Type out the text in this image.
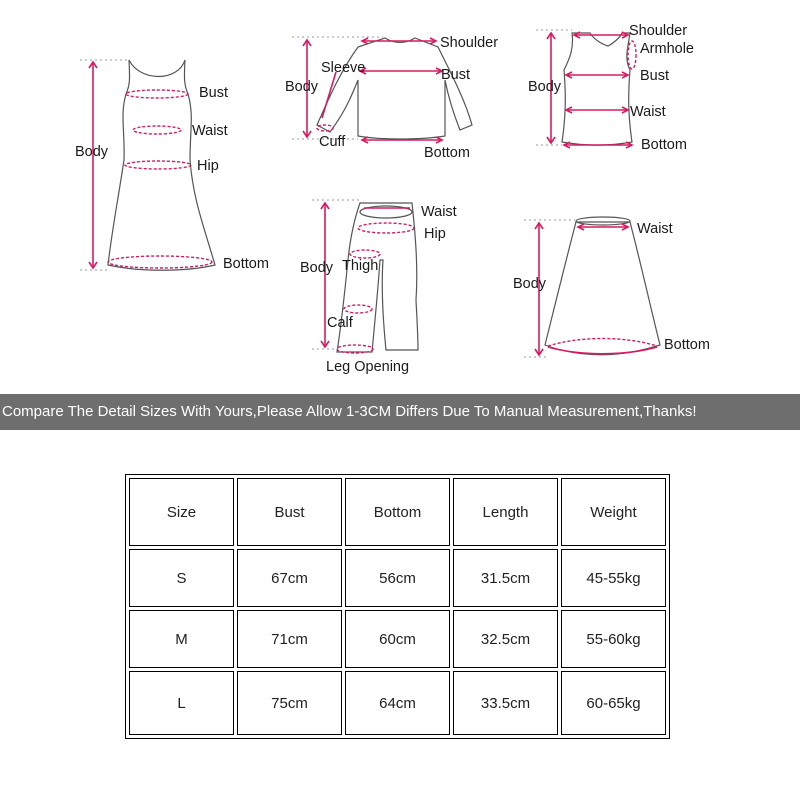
Body
Bust
Waist
Hip
Bottom
Shoulder
Sleeve	Bust
Body
Cuff
Bottom
Shoulder
Armhole
Body
Bust
Waist
Bottom
Waist
Hip
Body Thigh
Calf
Leg Opening
Waist
Body
Bottom
Compare The Detail Sizes With Yours,Please Allow 1-3CM Differs Due To Manual Measurement,Thanks!
Size	Bust	Bottom	Length	Weight
S	67cm	56cm	31.5cm	45-55kg
M	71cm	60cm	32.5cm	55-60kg
L	75cm	64cm	33.5cm	60-65kg
